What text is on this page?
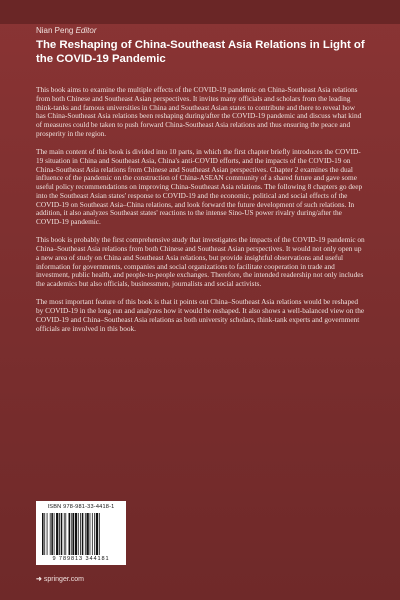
Nian Peng Editor
The Reshaping of China-Southeast Asia Relations in Light of the COVID-19 Pandemic

This book aims to examine the multiple effects of the COVID-19 pandemic on China-Southeast Asia relations from both Chinese and Southeast Asian perspectives. It invites many officials and scholars from the leading think-tanks and famous universities in China and Southeast Asian states to contribute and there to reveal how has China-Southeast Asia relations been reshaping during/after the COVID-19 pandemic and discuss what kind of measures could be taken to push forward China-Southeast Asia relations and thus ensuring the peace and prosperity in the region.

The main content of this book is divided into 10 parts, in which the first chapter briefly introduces the COVID-19 situation in China and Southeast Asia, China's anti-COVID efforts, and the impacts of the COVID-19 on China-Southeast Asia relations from Chinese and Southeast Asian perspectives. Chapter 2 examines the dual influence of the pandemic on the construction of China-ASEAN community of a shared future and gave some useful policy recommendations on improving China-Southeast Asia relations. The following 8 chapters go deep into the Southeast Asian states' response to COVID-19 and the economic, political and social effects of the COVID-19 on Southeast Asia–China relations, and look forward the future development of such relations. In addition, it also analyzes Southeast states' reactions to the intense Sino-US power rivalry during/after the COVID-19 pandemic.

This book is probably the first comprehensive study that investigates the impacts of the COVID-19 pandemic on China–Southeast Asia relations from both Chinese and Southeast Asian perspectives. It would not only open up a new area of study on China and Southeast Asia relations, but provide insightful observations and useful information for governments, companies and social organizations to facilitate cooperation in trade and investment, public health, and people-to-people exchanges. Therefore, the intended readership not only includes the academics but also officials, businessmen, journalists and social activists.

The most important feature of this book is that it points out China–Southeast Asia relations would be reshaped by COVID-19 in the long run and analyzes how it would be reshaped. It also shows a well-balanced view on the COVID-19 and China–Southeast Asia relations as both university scholars, think-tank experts and government officials are involved in this book.

ISBN 978-981-33-4418-1
9 789813 344181
➜ springer.com
